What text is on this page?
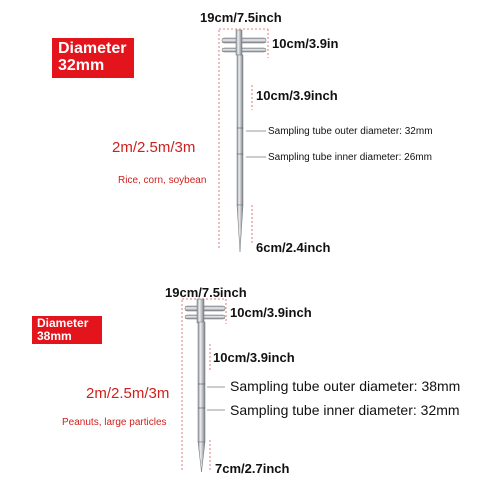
Diameter
32mm
19cm/7.5inch
10cm/3.9in
10cm/3.9inch
2m/2.5m/3m
Rice, corn, soybean
Sampling tube outer diameter: 32mm
Sampling tube inner diameter: 26mm
6cm/2.4inch
Diameter
38mm
19cm/7.5inch
10cm/3.9inch
10cm/3.9inch
2m/2.5m/3m
Peanuts, large particles
Sampling tube outer diameter: 38mm
Sampling tube inner diameter: 32mm
7cm/2.7inch
